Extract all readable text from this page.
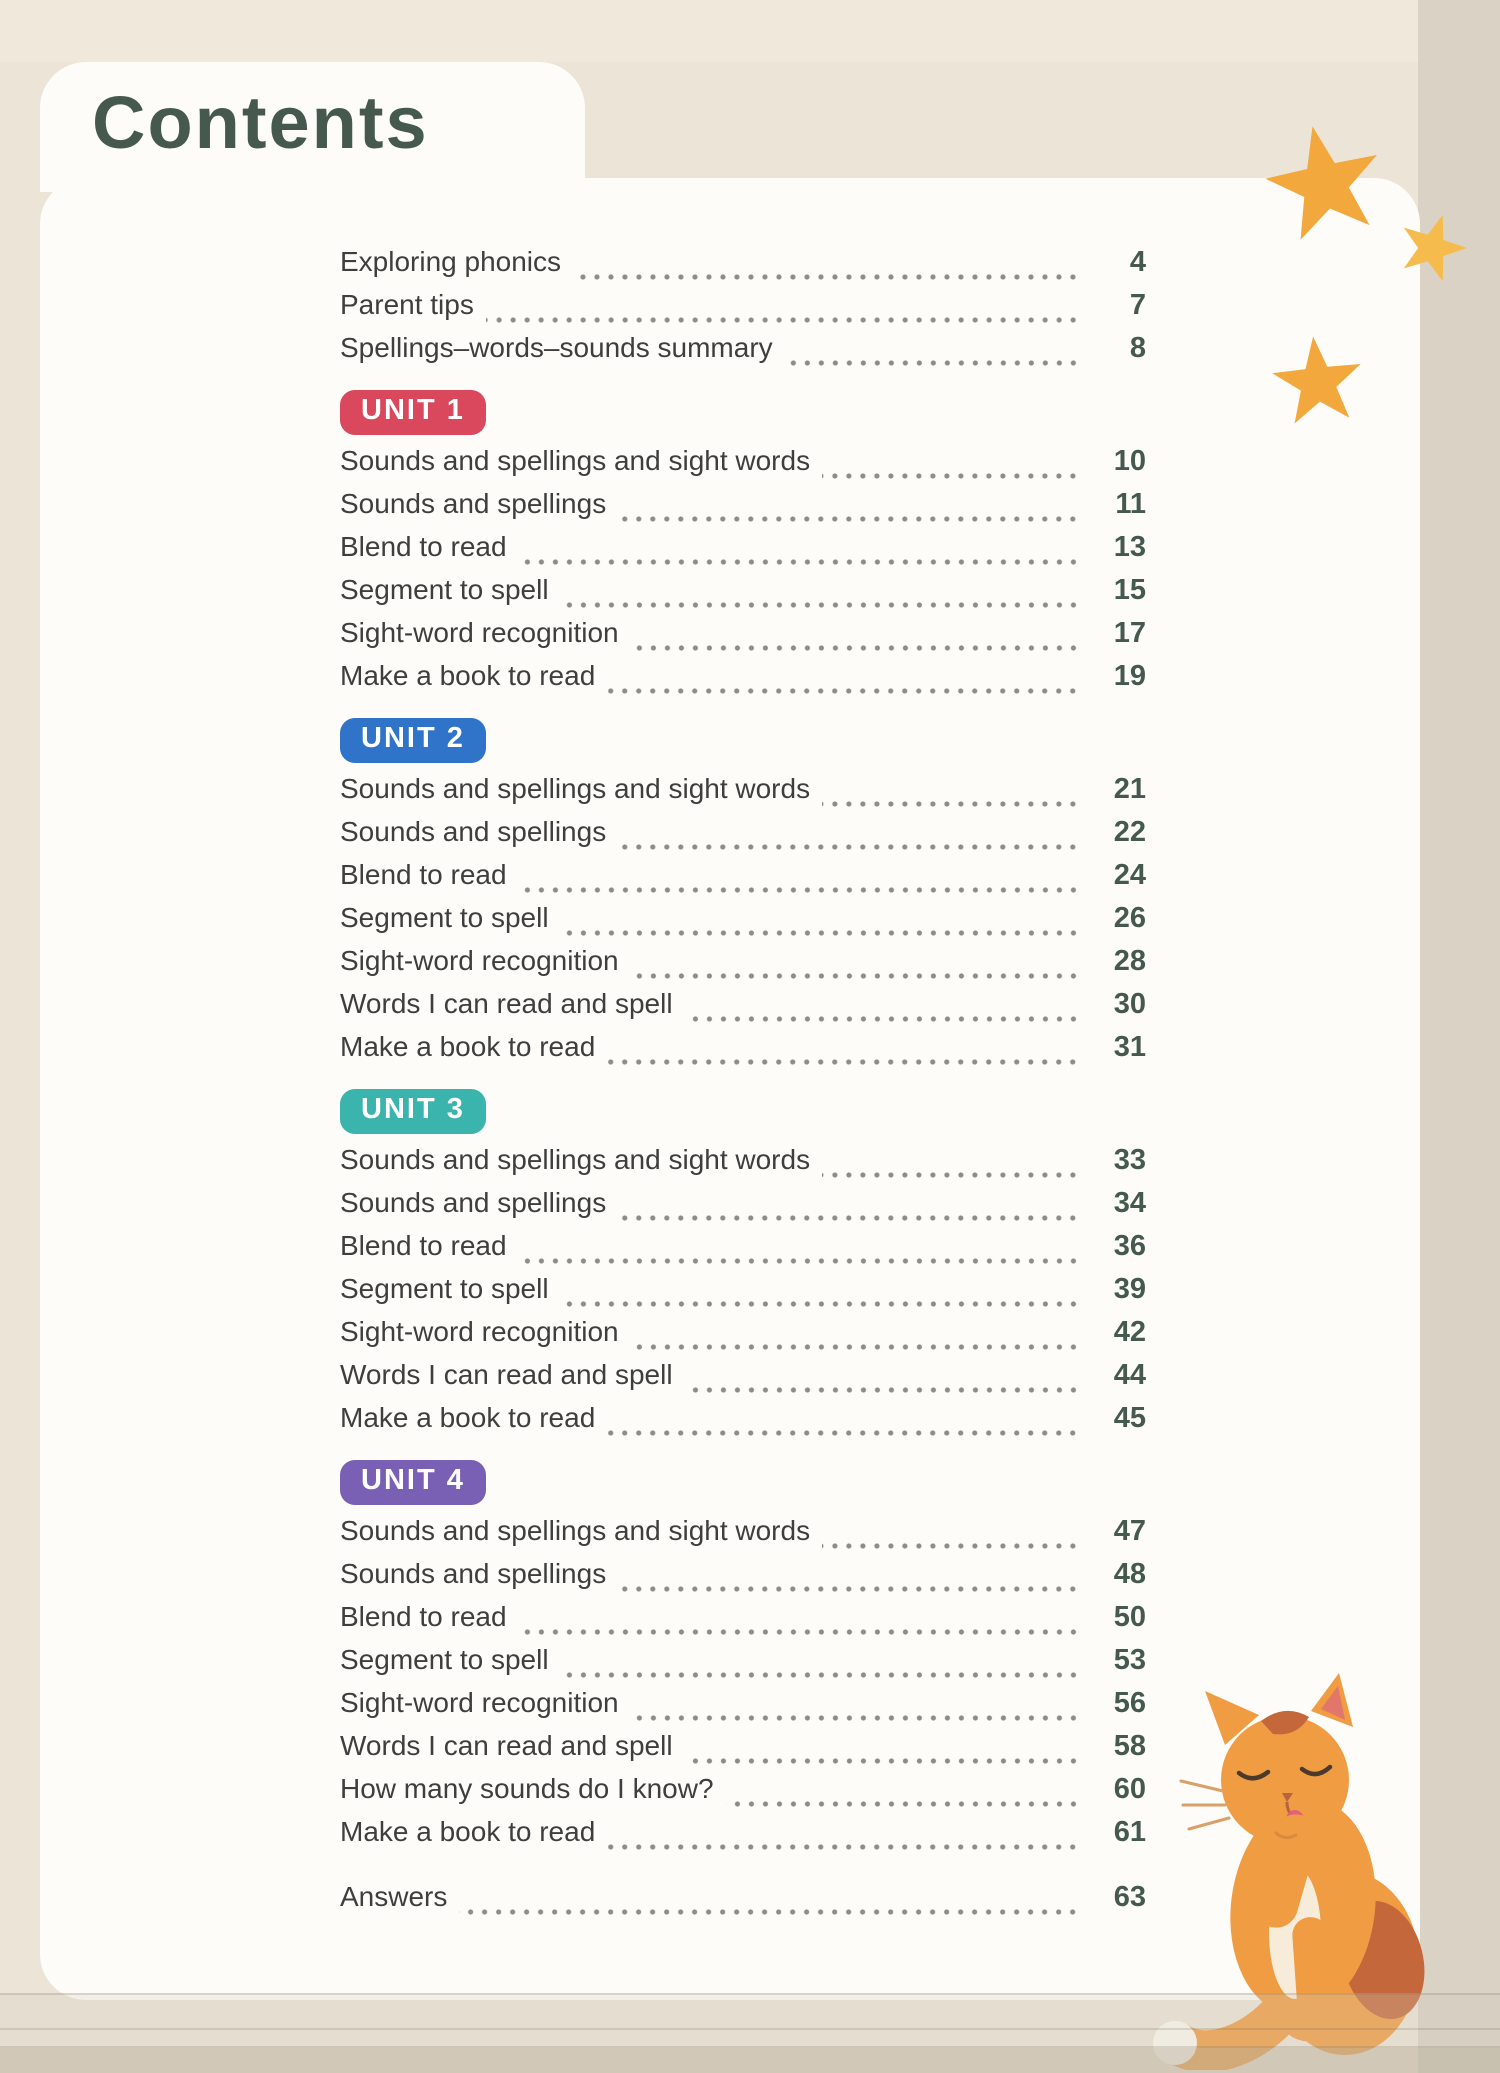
Contents
Exploring phonics	4
Parent tips	7
Spellings–words–sounds summary	8
UNIT 1
Sounds and spellings and sight words	10
Sounds and spellings	11
Blend to read	13
Segment to spell	15
Sight-word recognition	17
Make a book to read	19
UNIT 2
Sounds and spellings and sight words	21
Sounds and spellings	22
Blend to read	24
Segment to spell	26
Sight-word recognition	28
Words I can read and spell	30
Make a book to read	31
UNIT 3
Sounds and spellings and sight words	33
Sounds and spellings	34
Blend to read	36
Segment to spell	39
Sight-word recognition	42
Words I can read and spell	44
Make a book to read	45
UNIT 4
Sounds and spellings and sight words	47
Sounds and spellings	48
Blend to read	50
Segment to spell	53
Sight-word recognition	56
Words I can read and spell	58
How many sounds do I know?	60
Make a book to read	61
Answers	63
